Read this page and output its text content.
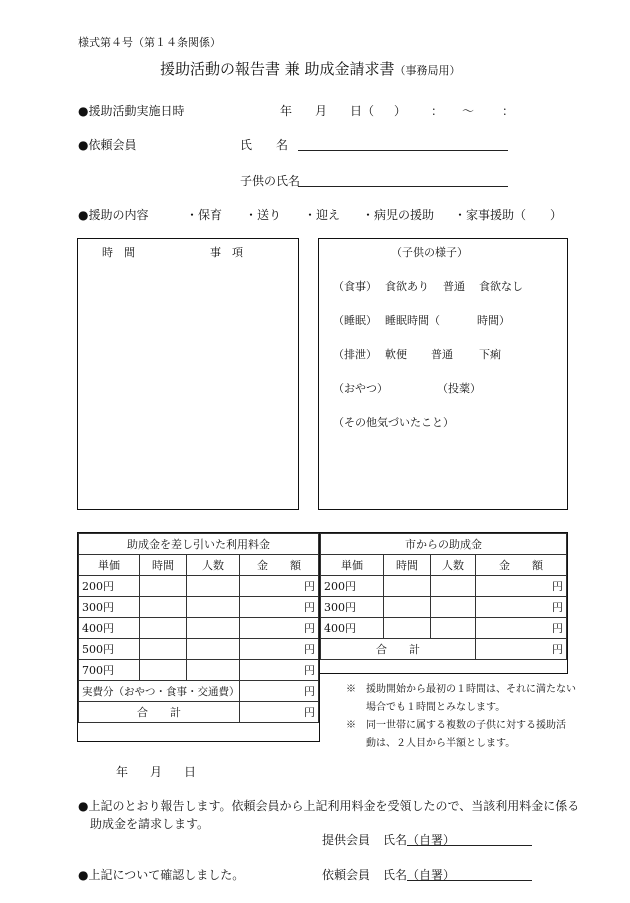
様式第４号（第１４条関係）
援助活動の報告書 兼 助成金請求書（事務局用）
●援助活動実施日時	年 月 日（ ） ： ～ ：
●依頼会員	氏　　名
子供の氏名
●援助の内容	・保育 ・送り ・迎え ・病児の援助 ・家事援助（　　）
時　間	事　項	（子供の様子）
（食事） 食欲あり 普通 食欲なし
（睡眠） 睡眠時間（	時間）
（排泄） 軟便 普通 下痢
（おやつ）	（投薬）
（その他気づいたこと）
助成金を差し引いた利用料金			
単価	時間	人数	金　　額
200円			円
300円			円
400円			円
500円			円
700円			円
実費分（おやつ・食事・交通費）			円
合　　計			円
市からの助成金			
単価	時間	人数	金　　額
200円			円
300円			円
400円			円
合　　計			円
※　 援助開始から最初の１時間は、それに満たない
場合でも１時間とみなします。
※　 同一世帯に属する複数の子供に対する援助活
動は、２人目から半額とします。
年 月 日
●上記のとおり報告します。依頼会員から上記利用料金を受領したので、当該利用料金に係る
助成金を請求します。
提供会員 氏名 （自署）
●上記について確認しました。	依頼会員 氏名 （自署）
